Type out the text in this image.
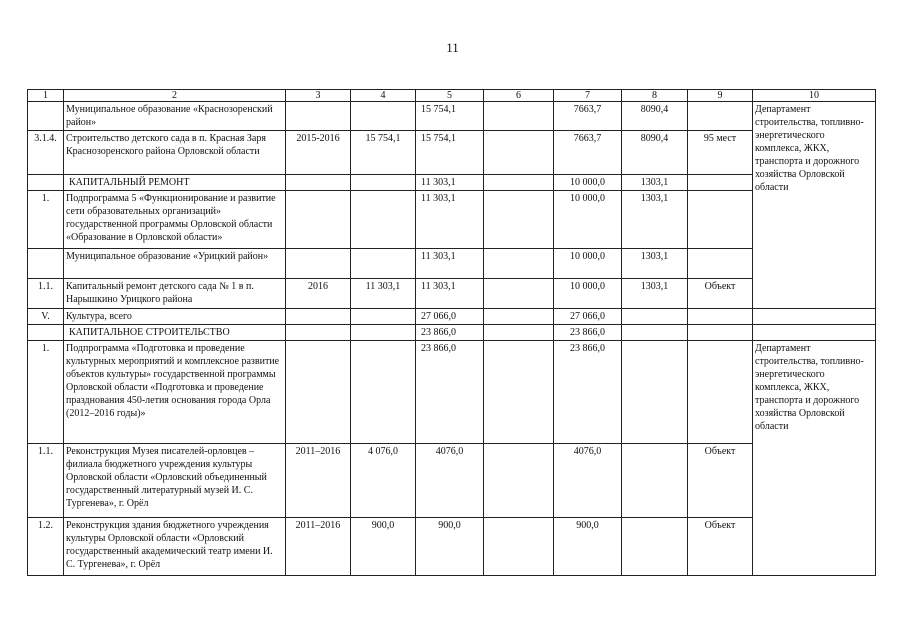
11
1	2	3	4	5	6	7	8	9	10
	Муниципальное образование «Краснозоренский район»			15 754,1		7663,7	8090,4		Департамент строительства, топливно-энергетического комплекса, ЖКХ, транспорта и дорожного хозяйства Орловской области
3.1.4.	Строительство детского сада в п. Красная Заря Краснозоренского района Орловской области	2015-2016	15 754,1	15 754,1		7663,7	8090,4	95 мест	
	КАПИТАЛЬНЫЙ РЕМОНТ			11 303,1		10 000,0	1303,1		
1.	Подпрограмма 5 «Функционирование и развитие сети образовательных организаций» государственной программы Орловской области «Образование в Орловской области»			11 303,1		10 000,0	1303,1		
	Муниципальное образование «Урицкий район»			11 303,1		10 000,0	1303,1		
1.1.	Капитальный ремонт детского сада № 1 в п. Нарышкино Урицкого района	2016	11 303,1	11 303,1		10 000,0	1303,1	Объект	
V.	Культура, всего			27 066,0		27 066,0			
	КАПИТАЛЬНОЕ СТРОИТЕЛЬСТВО			23 866,0		23 866,0			
1.	Подпрограмма «Подготовка и проведение культурных мероприятий и комплексное развитие объектов культуры» государственной программы Орловской области «Подготовка и проведение празднования 450-летия основания города Орла (2012–2016 годы)»			23 866,0		23 866,0			Департамент строительства, топливно-энергетического комплекса, ЖКХ, транспорта и дорожного хозяйства Орловской области
1.1.	Реконструкция Музея писателей-орловцев – филиала бюджетного учреждения культуры Орловской области «Орловский объединенный государственный литературный музей И. С. Тургенева», г. Орёл	2011–2016	4 076,0	4076,0		4076,0		Объект	
1.2.	Реконструкция здания бюджетного учреждения культуры Орловской области «Орловский государственный академический театр имени И. С. Тургенева», г. Орёл	2011–2016	900,0	900,0		900,0		Объект	
